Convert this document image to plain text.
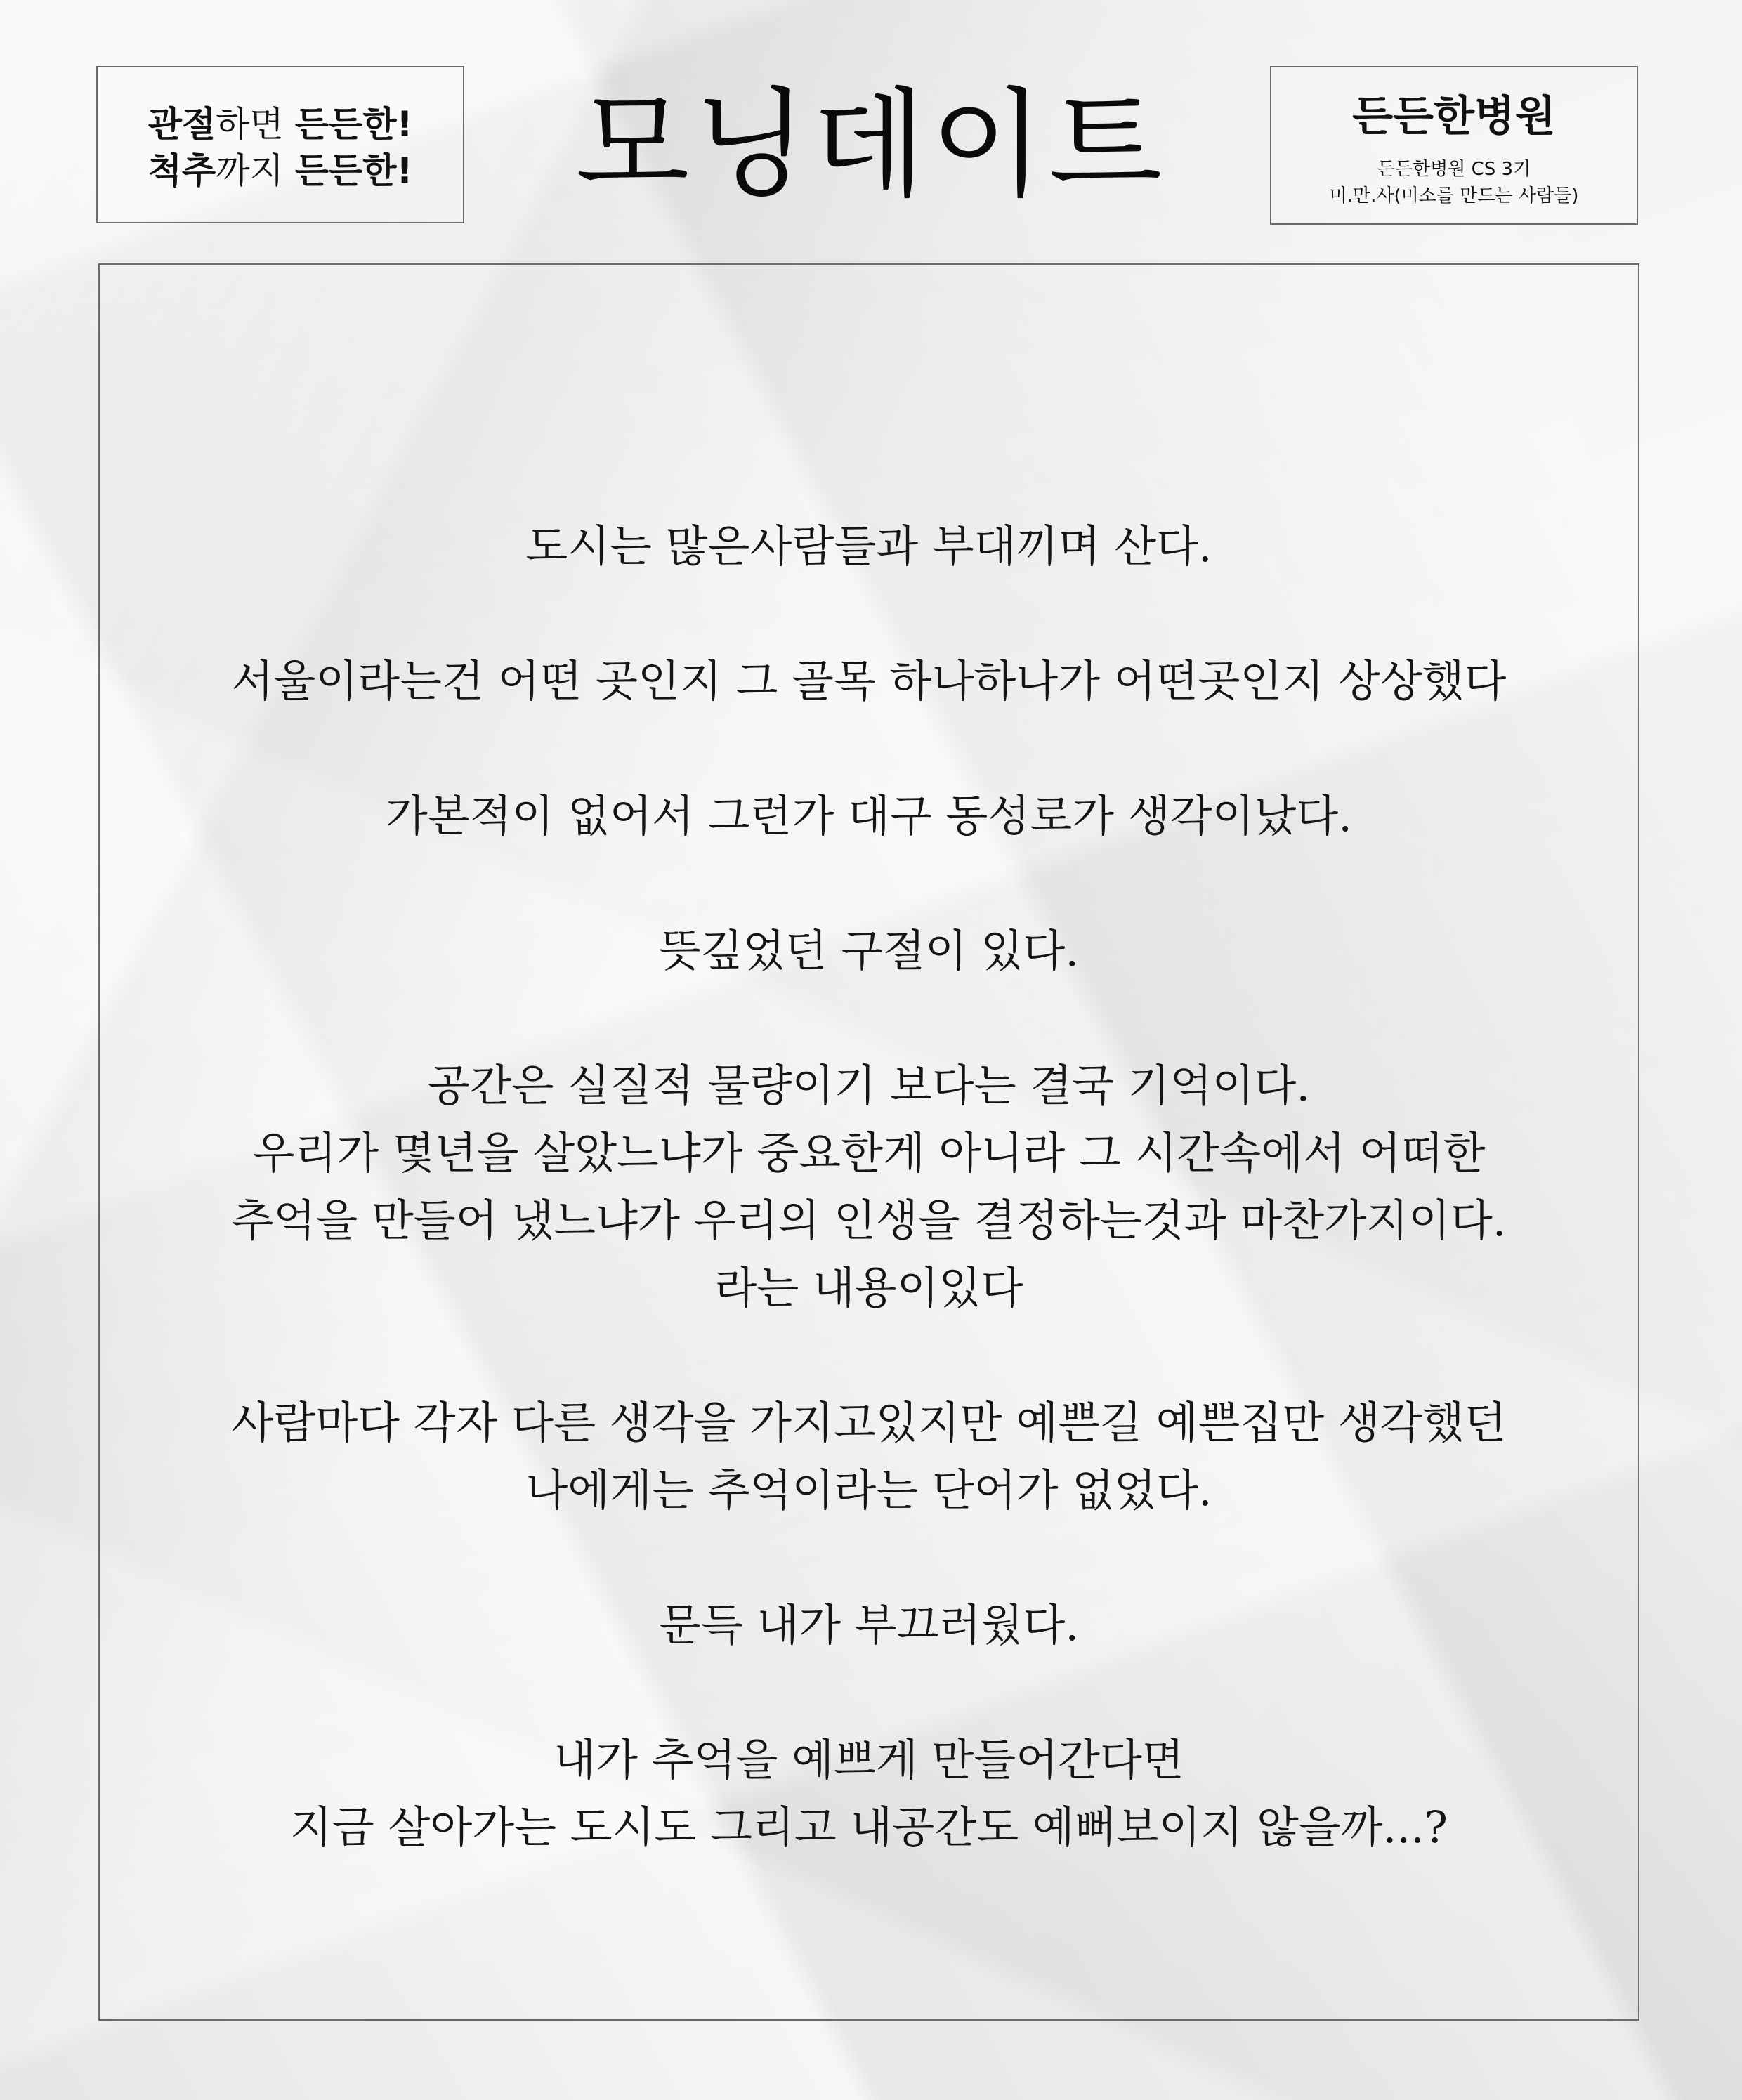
관절하면 든든한!
척추까지 든든한!	모닝데이트	든든한병원
든든한병원 CS 3기
미.만.사(미소를 만드는 사람들)

도시는 많은사람들과 부대끼며 산다.

서울이라는건 어떤 곳인지 그 골목 하나하나가 어떤곳인지 상상했다

가본적이 없어서 그런가 대구 동성로가 생각이났다.

뜻깊었던 구절이 있다.

공간은 실질적 물량이기 보다는 결국 기억이다.

우리가 몇년을 살았느냐가 중요한게 아니라 그 시간속에서 어떠한

추억을 만들어 냈느냐가 우리의 인생을 결정하는것과 마찬가지이다.

라는 내용이있다

사람마다 각자 다른 생각을 가지고있지만 예쁜길 예쁜집만 생각했던

나에게는 추억이라는 단어가 없었다.

문득 내가 부끄러웠다.

내가 추억을 예쁘게 만들어간다면

지금 살아가는 도시도 그리고 내공간도 예뻐보이지 않을까...?
